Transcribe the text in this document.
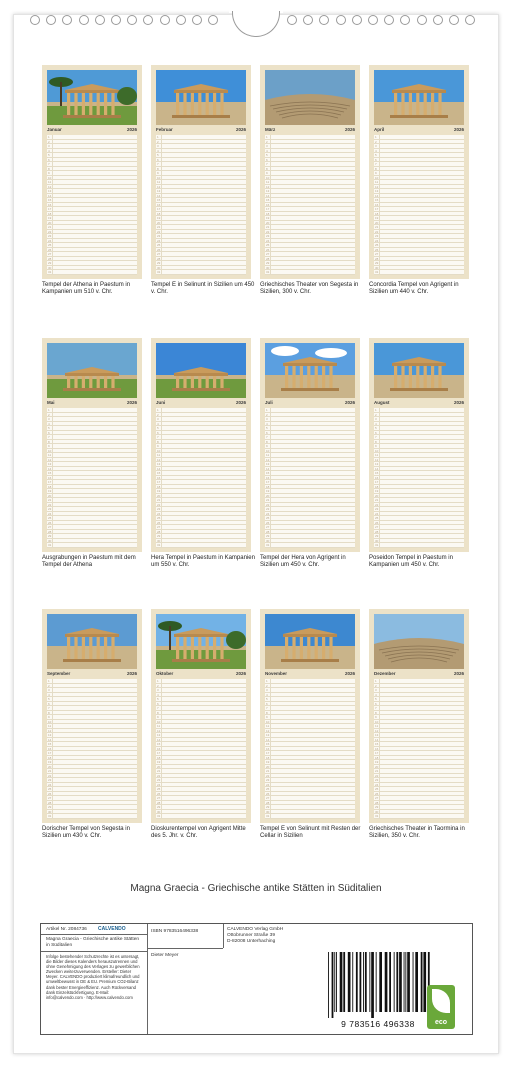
Januar	2026
1
2
3
4
5
6
7
8
9
10
11
12
13
14
15
16
17
18
19
20
21
22
23
24
25
26
27
28
29
30
31
Tempel der Athena in Paestum in Kampanien um 510 v. Chr.
Februar	2026
1
2
3
4
5
6
7
8
9
10
11
12
13
14
15
16
17
18
19
20
21
22
23
24
25
26
27
28
29
30
31
Tempel E in Selinunt in Sizilien um 450 v. Chr.
März	2026
1
2
3
4
5
6
7
8
9
10
11
12
13
14
15
16
17
18
19
20
21
22
23
24
25
26
27
28
29
30
31
Griechisches Theater von Segesta in Sizilien, 300 v. Chr.
April	2026
1
2
3
4
5
6
7
8
9
10
11
12
13
14
15
16
17
18
19
20
21
22
23
24
25
26
27
28
29
30
31
Concordia Tempel von Agrigent in Sizilien um 440 v. Chr.
Mai	2026
1
2
3
4
5
6
7
8
9
10
11
12
13
14
15
16
17
18
19
20
21
22
23
24
25
26
27
28
29
30
31
Ausgrabungen in Paestum mit dem Tempel der Athena
Juni	2026
1
2
3
4
5
6
7
8
9
10
11
12
13
14
15
16
17
18
19
20
21
22
23
24
25
26
27
28
29
30
31
Hera Tempel in Paestum in Kampanien um 550 v. Chr.
Juli	2026
1
2
3
4
5
6
7
8
9
10
11
12
13
14
15
16
17
18
19
20
21
22
23
24
25
26
27
28
29
30
31
Tempel der Hera von Agrigent in Sizilien um 450 v. Chr.
August	2026
1
2
3
4
5
6
7
8
9
10
11
12
13
14
15
16
17
18
19
20
21
22
23
24
25
26
27
28
29
30
31
Poseidon Tempel in Paestum in Kampanien um 450 v. Chr.
September	2026
1
2
3
4
5
6
7
8
9
10
11
12
13
14
15
16
17
18
19
20
21
22
23
24
25
26
27
28
29
30
31
Dorischer Tempel von Segesta in Sizilien um 430 v. Chr.
Oktober	2026
1
2
3
4
5
6
7
8
9
10
11
12
13
14
15
16
17
18
19
20
21
22
23
24
25
26
27
28
29
30
31
Dioskurentempel von Agrigent Mitte des 5. Jhr. v. Chr.
November	2026
1
2
3
4
5
6
7
8
9
10
11
12
13
14
15
16
17
18
19
20
21
22
23
24
25
26
27
28
29
30
31
Tempel E von Selinunt mit Resten der Cellar in Sizilien
Dezember	2026
1
2
3
4
5
6
7
8
9
10
11
12
13
14
15
16
17
18
19
20
21
22
23
24
25
26
27
28
29
30
31
Griechisches Theater in Taormina in Sizilien, 350 v. Chr.
Magna Graecia - Griechische antike Stätten in Süditalien
Artikel Nr. 2084736 CALVENDO
Magna Graecia - Griechische antike Stätten in Süditalien
Infolge bestehender Schutzrechte ist es untersagt, die Bilder dieses Kalenders herauszutrennen und ohne Genehmigung des Verlages zu gewerblichen Zwecken weiterzuverwenden. Ersteller: Dieter Meyer. CALVENDO produziert klimafreundlich und umweltbewusst in DE & EU. Premium CO2-Bilanz dank bester Energieeffizienz. Auch Rückversand dank Einzelstückfertigung. E-Mail: info@calvendo.com · http://www.calvendo.com
ISBN 9783516496338
Dieter Meyer
CALVENDO Verlag GmbH
Ottobrunner Straße 39
D-82008 Unterhaching
9 783516 496338	eco
